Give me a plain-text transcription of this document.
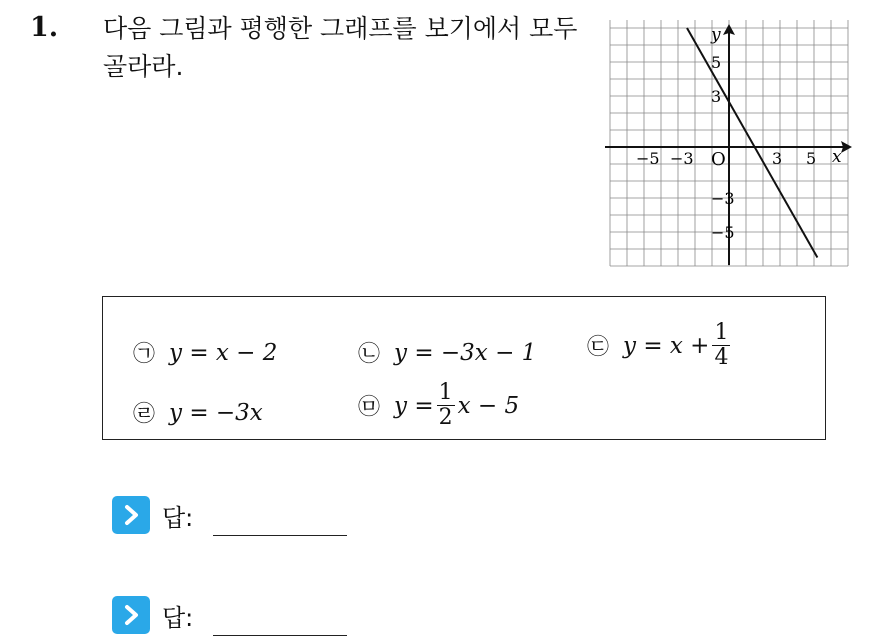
1. 다음 그림과 평행한 그래프를 보기에서 모두 골라라.
y
x
O
−5 −3	3 5
5
3
−3
−5
㉠ y = x − 2	㉡ y = −3x − 1 ㉢ $y = x + \frac{1}{4}$
㉣ y = −3x	㉤ $y = \frac{1}{2}$ x − 5
답:
답:
